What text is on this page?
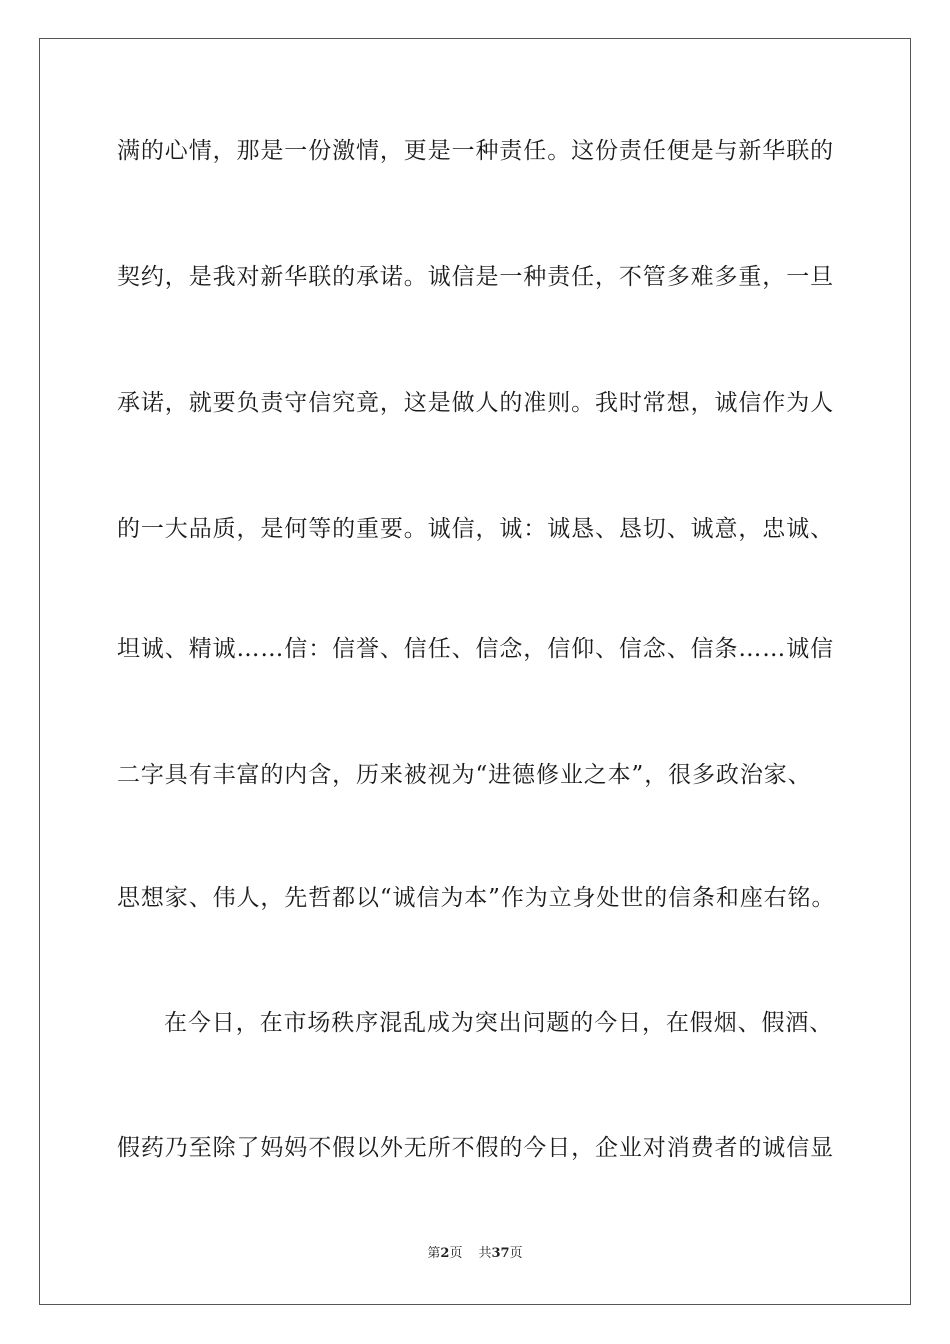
满的心情，那是一份激情，更是一种责任。这份责任便是与新华联的
契约，是我对新华联的承诺。诚信是一种责任，不管多难多重，一旦
承诺，就要负责守信究竟，这是做人的准则。我时常想，诚信作为人
的一大品质，是何等的重要。诚信，诚：诚恳、恳切、诚意，忠诚、
坦诚、精诚……信：信誉、信任、信念，信仰、信念、信条……诚信
二字具有丰富的内含，历来被视为“进德修业之本”，很多政治家、
思想家、伟人，先哲都以“诚信为本”作为立身处世的信条和座右铭。
在今日，在市场秩序混乱成为突出问题的今日，在假烟、假酒、
假药乃至除了妈妈不假以外无所不假的今日，企业对消费者的诚信显
第2页 共37页
